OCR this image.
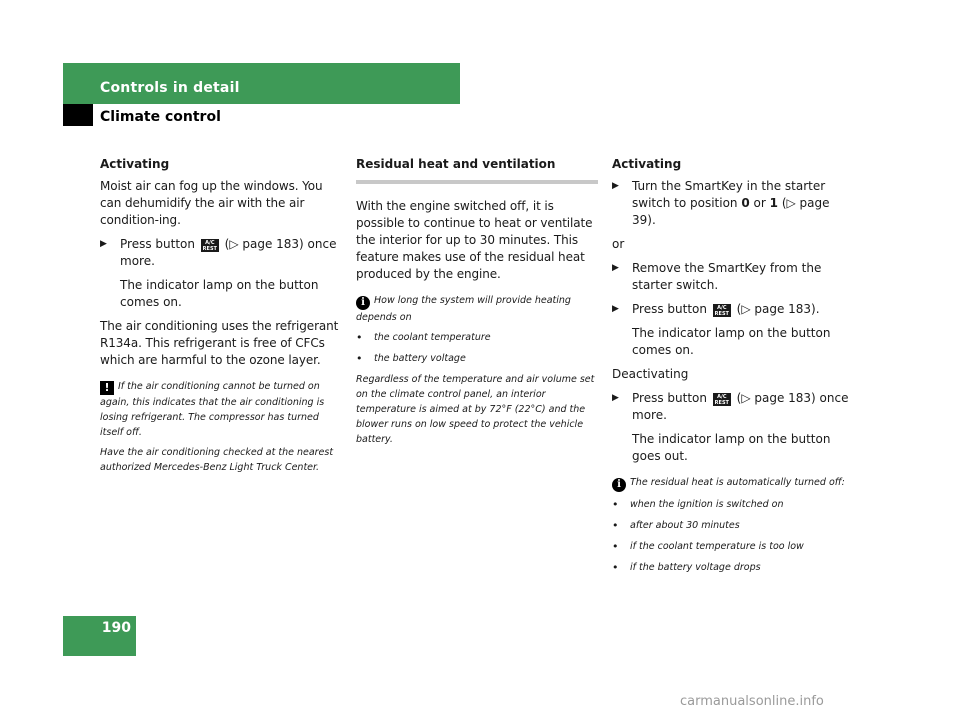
Controls in detail
Climate control
Activating
Moist air can fog up the windows. You can dehumidify the air with the air condition-ing.
▶ Press button A/C
REST (▷ page 183) once more.
The indicator lamp on the button comes on.
The air conditioning uses the refrigerant R134a. This refrigerant is free of CFCs which are harmful to the ozone layer.
! If the air conditioning cannot be turned on again, this indicates that the air conditioning is losing refrigerant. The compressor has turned itself off.
Have the air conditioning checked at the nearest authorized Mercedes-Benz Light Truck Center.
Residual heat and ventilation
With the engine switched off, it is possible to continue to heat or ventilate the interior for up to 30 minutes. This feature makes use of the residual heat produced by the engine.
i How long the system will provide heating depends on
• the coolant temperature
• the battery voltage
Regardless of the temperature and air volume set on the climate control panel, an interior temperature is aimed at by 72°F (22°C) and the blower runs on low speed to protect the vehicle battery.
Activating
▶ Turn the SmartKey in the starter switch to position 0 or 1 (▷ page 39).
or
▶ Remove the SmartKey from the starter switch.
▶ Press button A/C
REST (▷ page 183).
The indicator lamp on the button comes on.
Deactivating
▶ Press button A/C
REST (▷ page 183) once more.
The indicator lamp on the button goes out.
i The residual heat is automatically turned off:
• when the ignition is switched on
• after about 30 minutes
• if the coolant temperature is too low
• if the battery voltage drops
190
carmanualsonline.info
